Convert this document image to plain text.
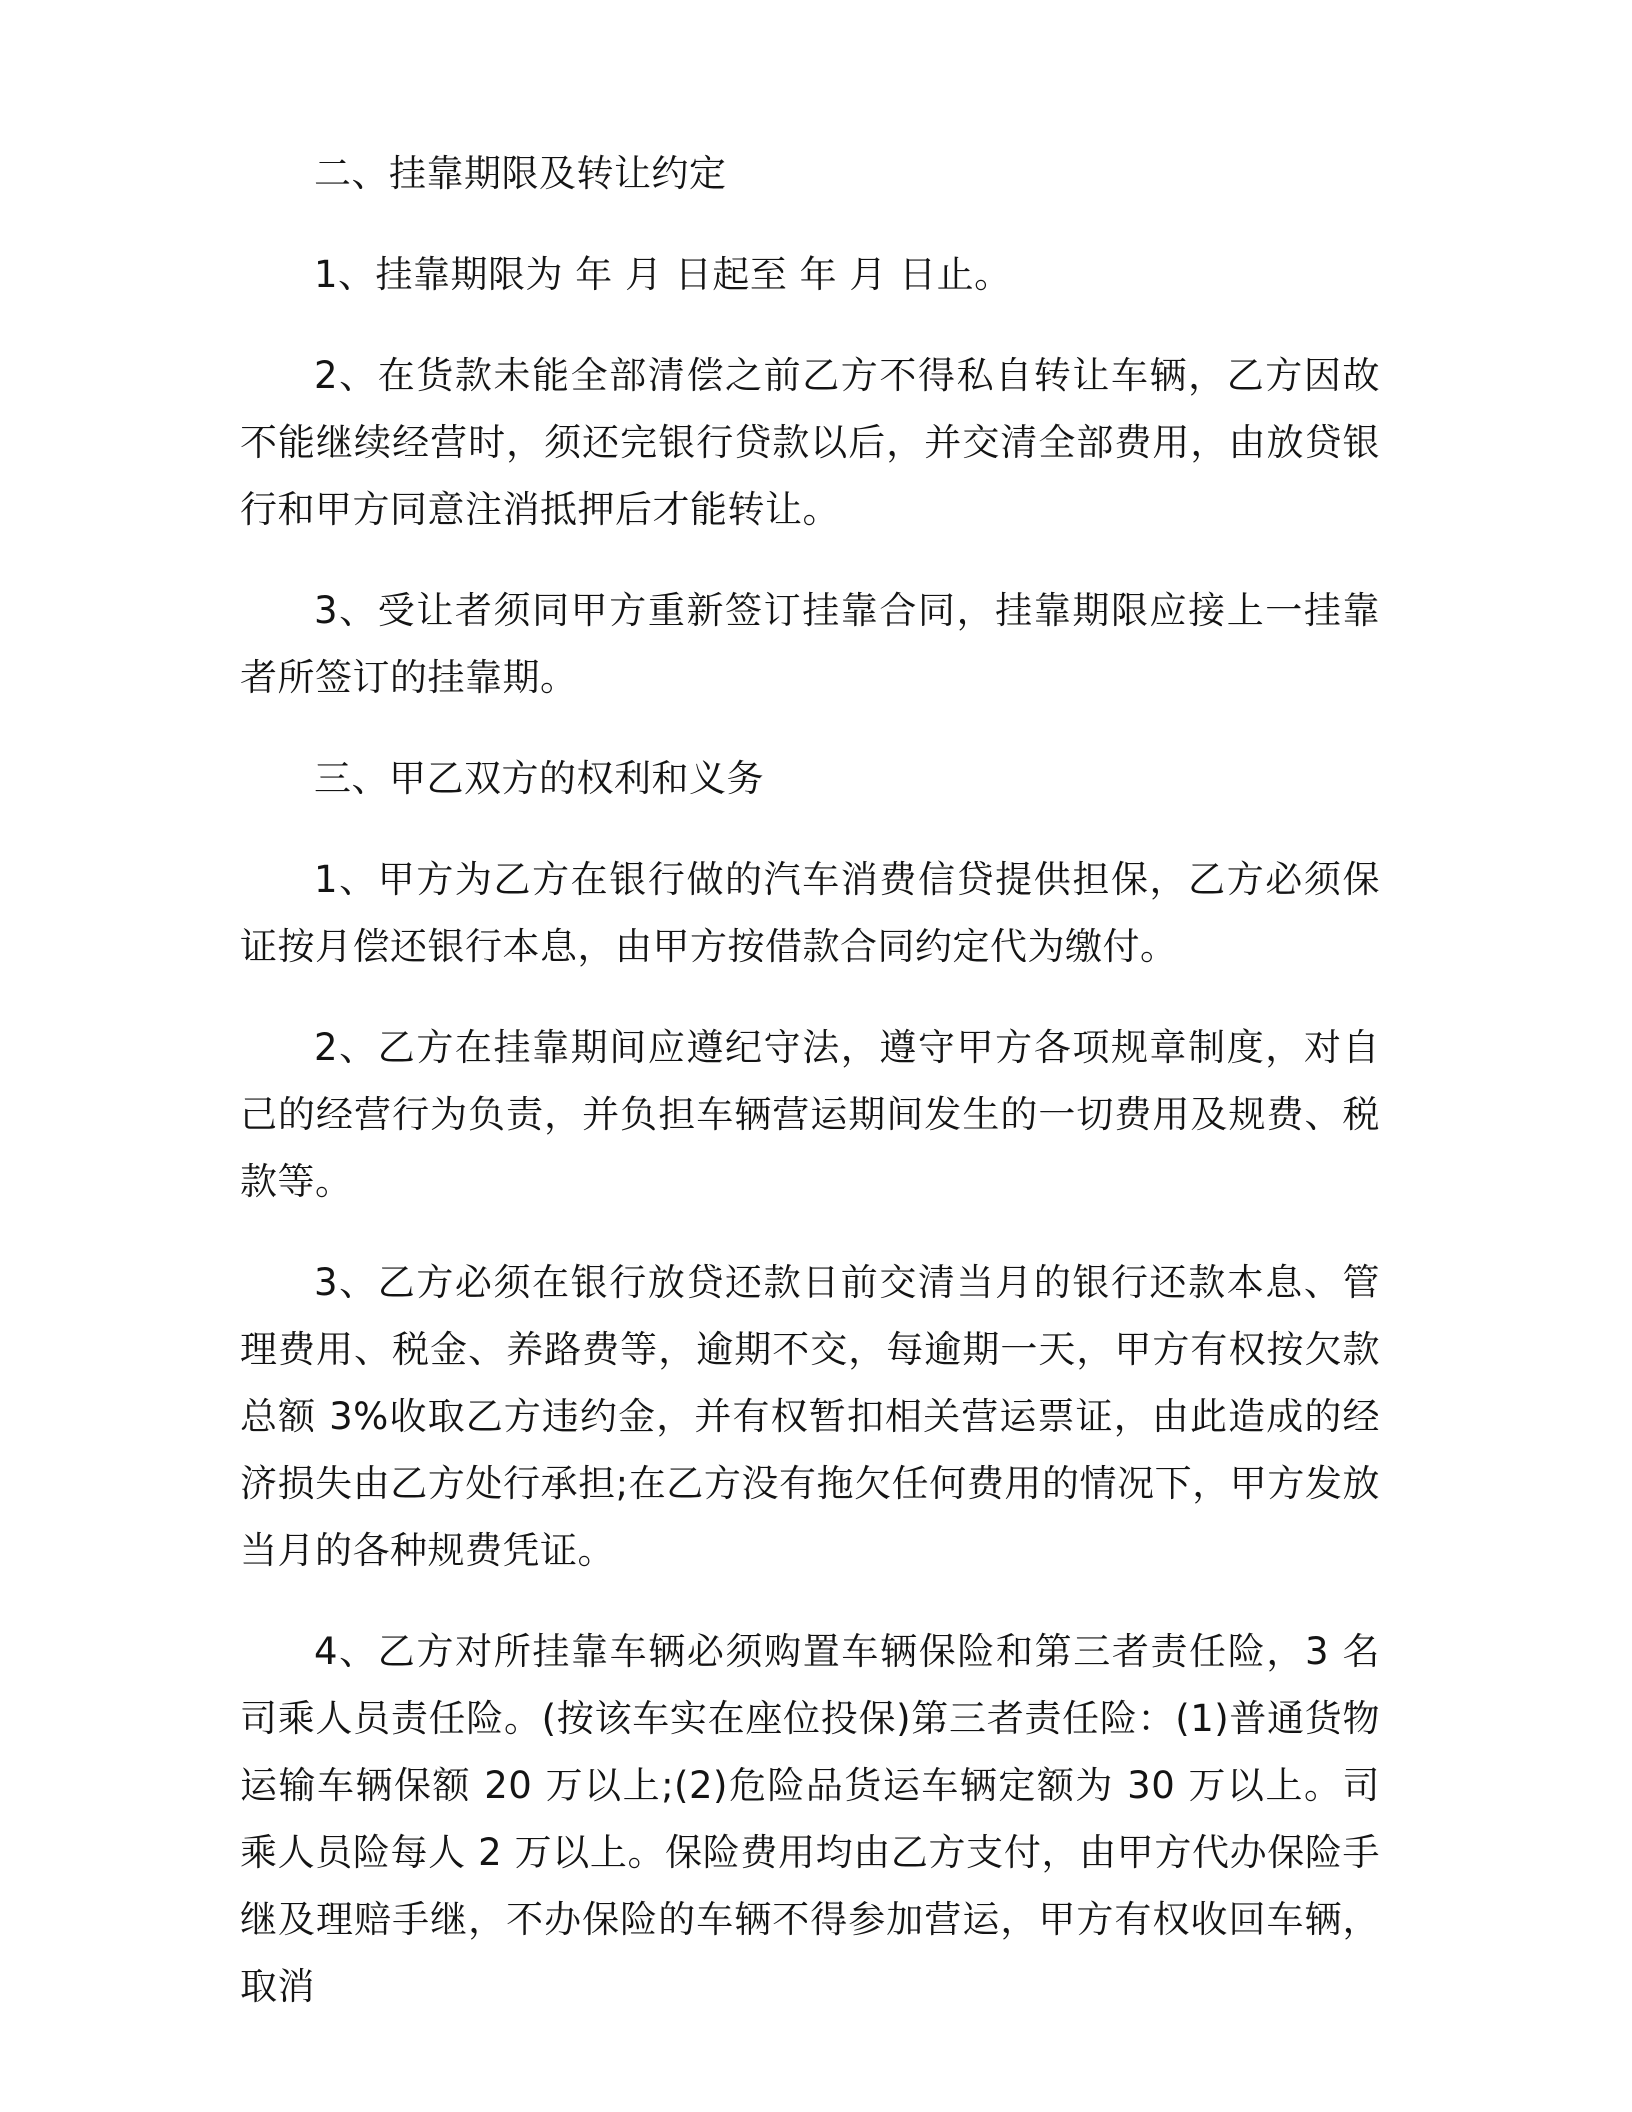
二、挂靠期限及转让约定

1、挂靠期限为 年 月 日起至 年 月 日止。

2、在货款未能全部清偿之前乙方不得私自转让车辆，乙方因故不能继续经营时，须还完银行贷款以后，并交清全部费用，由放贷银行和甲方同意注消抵押后才能转让。

3、受让者须同甲方重新签订挂靠合同，挂靠期限应接上一挂靠者所签订的挂靠期。

三、甲乙双方的权利和义务

1、甲方为乙方在银行做的汽车消费信贷提供担保，乙方必须保证按月偿还银行本息，由甲方按借款合同约定代为缴付。

2、乙方在挂靠期间应遵纪守法，遵守甲方各项规章制度，对自己的经营行为负责，并负担车辆营运期间发生的一切费用及规费、税款等。

3、乙方必须在银行放贷还款日前交清当月的银行还款本息、管理费用、税金、养路费等，逾期不交，每逾期一天，甲方有权按欠款总额 3%收取乙方违约金，并有权暂扣相关营运票证，由此造成的经济损失由乙方处行承担;在乙方没有拖欠任何费用的情况下，甲方发放当月的各种规费凭证。

4、乙方对所挂靠车辆必须购置车辆保险和第三者责任险，3 名司乘人员责任险。(按该车实在座位投保)第三者责任险：(1)普通货物运输车辆保额 20 万以上;(2)危险品货运车辆定额为 30 万以上。司乘人员险每人 2 万以上。保险费用均由乙方支付，由甲方代办保险手继及理赔手继，不办保险的车辆不得参加营运，甲方有权收回车辆，取消
